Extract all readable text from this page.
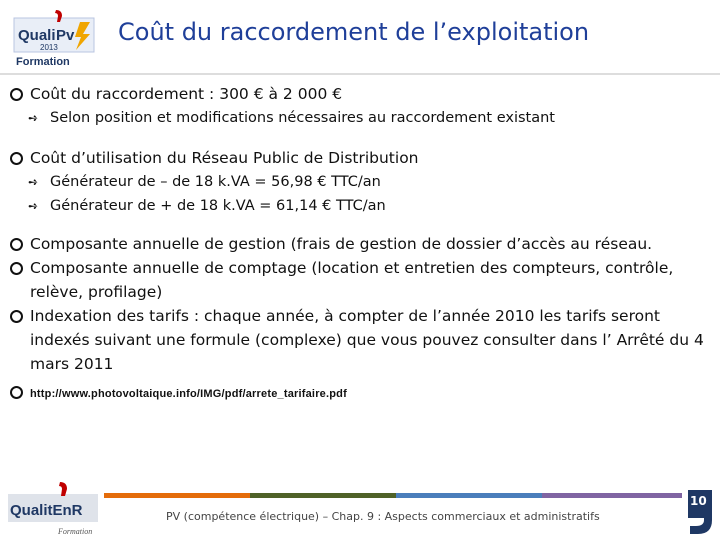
Quali Pv
2013
Formation
Coût du raccordement de l’exploitation
Coût du raccordement : 300 € à 2 000 €
➺ Selon position et modifications nécessaires au raccordement existant
Coût d’utilisation du Réseau Public de Distribution
➺ Générateur de – de 18 k.VA = 56,98 € TTC/an
➺ Générateur de + de 18 k.VA = 61,14 € TTC/an
Composante annuelle de gestion (frais de gestion de dossier d’accès au réseau.
Composante annuelle de comptage (location et entretien des compteurs, contrôle, relève, profilage)
Indexation des tarifs : chaque année, à compter de l’année 2010 les tarifs seront indexés suivant une formule (complexe) que vous pouvez consulter dans l’ Arrêté du 4 mars 2011
http://www.photovoltaique.info/IMG/pdf/arrete_tarifaire.pdf
QualitEnR
Formation
PV (compétence électrique) – Chap. 9 : Aspects commerciaux et administratifs
10
